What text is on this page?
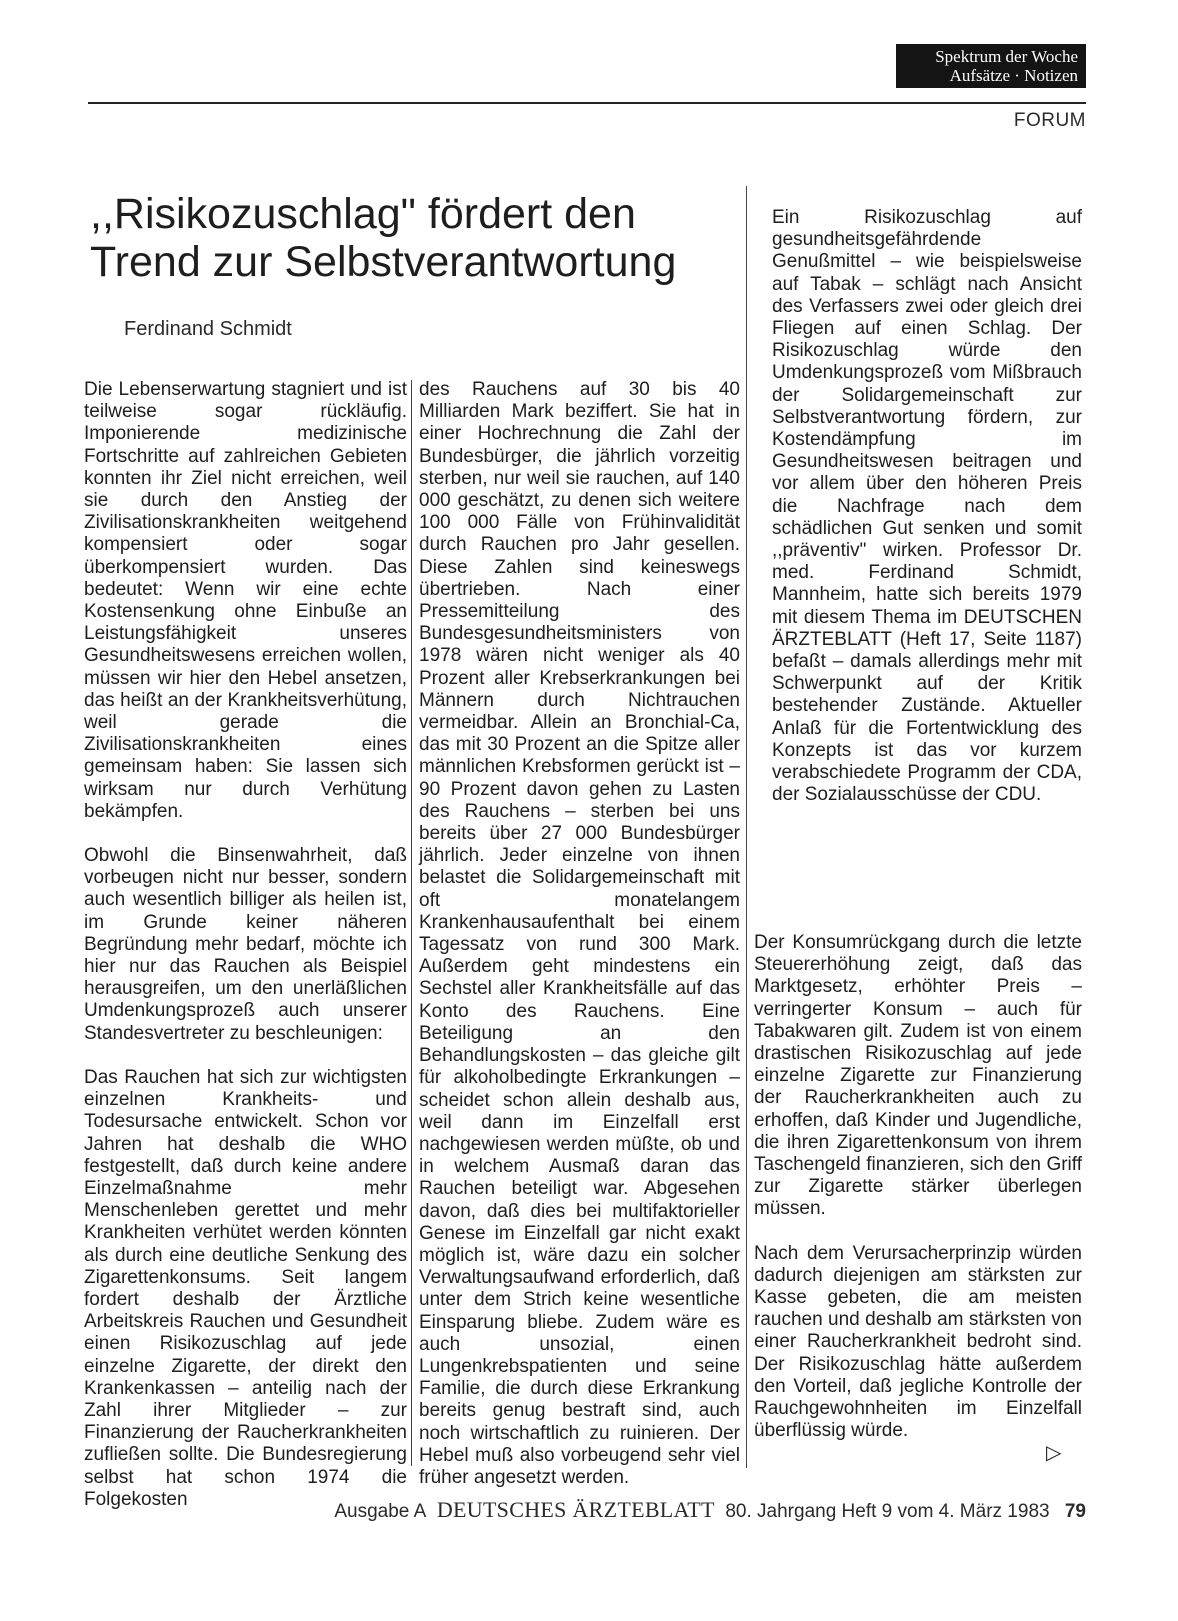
Spektrum der Woche
Aufsätze · Notizen
FORUM
,,Risikozuschlag" fördert den
Trend zur Selbstverantwortung
Ferdinand Schmidt

Die Lebenserwartung stagniert und ist teilweise sogar rückläufig. Imponierende medizinische Fortschritte auf zahlreichen Gebieten konnten ihr Ziel nicht erreichen, weil sie durch den Anstieg der Zivilisationskrankheiten weitgehend kompensiert oder sogar überkompensiert wurden. Das bedeutet: Wenn wir eine echte Kostensenkung ohne Einbuße an Leistungsfähigkeit unseres Gesundheitswesens erreichen wollen, müssen wir hier den Hebel ansetzen, das heißt an der Krankheitsverhütung, weil gerade die Zivilisationskrankheiten eines gemeinsam haben: Sie lassen sich wirksam nur durch Verhütung bekämpfen.

Obwohl die Binsenwahrheit, daß vorbeugen nicht nur besser, sondern auch wesentlich billiger als heilen ist, im Grunde keiner näheren Begründung mehr bedarf, möchte ich hier nur das Rauchen als Beispiel herausgreifen, um den unerläßlichen Umdenkungsprozeß auch unserer Standesvertreter zu beschleunigen:

Das Rauchen hat sich zur wichtigsten einzelnen Krankheits- und Todesursache entwickelt. Schon vor Jahren hat deshalb die WHO festgestellt, daß durch keine andere Einzelmaßnahme mehr Menschenleben gerettet und mehr Krankheiten verhütet werden könnten als durch eine deutliche Senkung des Zigarettenkonsums. Seit langem fordert deshalb der Ärztliche Arbeitskreis Rauchen und Gesundheit einen Risikozuschlag auf jede einzelne Zigarette, der direkt den Krankenkassen – anteilig nach der Zahl ihrer Mitglieder – zur Finanzierung der Raucherkrankheiten zufließen sollte. Die Bundesregierung selbst hat schon 1974 die Folgekosten

des Rauchens auf 30 bis 40 Milliarden Mark beziffert. Sie hat in einer Hochrechnung die Zahl der Bundesbürger, die jährlich vorzeitig sterben, nur weil sie rauchen, auf 140 000 geschätzt, zu denen sich weitere 100 000 Fälle von Frühinvalidität durch Rauchen pro Jahr gesellen. Diese Zahlen sind keineswegs übertrieben. Nach einer Pressemitteilung des Bundesgesundheitsministers von 1978 wären nicht weniger als 40 Prozent aller Krebserkrankungen bei Männern durch Nichtrauchen vermeidbar. Allein an Bronchial-Ca, das mit 30 Prozent an die Spitze aller männlichen Krebsformen gerückt ist – 90 Prozent davon gehen zu Lasten des Rauchens – sterben bei uns bereits über 27 000 Bundesbürger jährlich. Jeder einzelne von ihnen belastet die Solidargemeinschaft mit oft monatelangem Krankenhausaufenthalt bei einem Tagessatz von rund 300 Mark. Außerdem geht mindestens ein Sechstel aller Krankheitsfälle auf das Konto des Rauchens. Eine Beteiligung an den Behandlungskosten – das gleiche gilt für alkoholbedingte Erkrankungen – scheidet schon allein deshalb aus, weil dann im Einzelfall erst nachgewiesen werden müßte, ob und in welchem Ausmaß daran das Rauchen beteiligt war. Abgesehen davon, daß dies bei multifaktorieller Genese im Einzelfall gar nicht exakt möglich ist, wäre dazu ein solcher Verwaltungsaufwand erforderlich, daß unter dem Strich keine wesentliche Einsparung bliebe. Zudem wäre es auch unsozial, einen Lungenkrebspatienten und seine Familie, die durch diese Erkrankung bereits genug bestraft sind, auch noch wirtschaftlich zu ruinieren. Der Hebel muß also vorbeugend sehr viel früher angesetzt werden.

Ein Risikozuschlag auf gesundheitsgefährdende Genußmittel – wie beispielsweise auf Tabak – schlägt nach Ansicht des Verfassers zwei oder gleich drei Fliegen auf einen Schlag. Der Risikozuschlag würde den Umdenkungsprozeß vom Mißbrauch der Solidargemeinschaft zur Selbstverantwortung fördern, zur Kostendämpfung im Gesundheitswesen beitragen und vor allem über den höheren Preis die Nachfrage nach dem schädlichen Gut senken und somit ,,präventiv" wirken. Professor Dr. med. Ferdinand Schmidt, Mannheim, hatte sich bereits 1979 mit diesem Thema im DEUTSCHEN ÄRZTEBLATT (Heft 17, Seite 1187) befaßt – damals allerdings mehr mit Schwerpunkt auf der Kritik bestehender Zustände. Aktueller Anlaß für die Fortentwicklung des Konzepts ist das vor kurzem verabschiedete Programm der CDA, der Sozialausschüsse der CDU.

Der Konsumrückgang durch die letzte Steuererhöhung zeigt, daß das Marktgesetz, erhöhter Preis – verringerter Konsum – auch für Tabakwaren gilt. Zudem ist von einem drastischen Risikozuschlag auf jede einzelne Zigarette zur Finanzierung der Raucherkrankheiten auch zu erhoffen, daß Kinder und Jugendliche, die ihren Zigarettenkonsum von ihrem Taschengeld finanzieren, sich den Griff zur Zigarette stärker überlegen müssen.

Nach dem Verursacherprinzip würden dadurch diejenigen am stärksten zur Kasse gebeten, die am meisten rauchen und deshalb am stärksten von einer Raucherkrankheit bedroht sind. Der Risikozuschlag hätte außerdem den Vorteil, daß jegliche Kontrolle der Rauchgewohnheiten im Einzelfall überflüssig würde.

▷
Ausgabe A DEUTSCHES ÄRZTEBLATT 80. Jahrgang Heft 9 vom 4. März 1983 79
